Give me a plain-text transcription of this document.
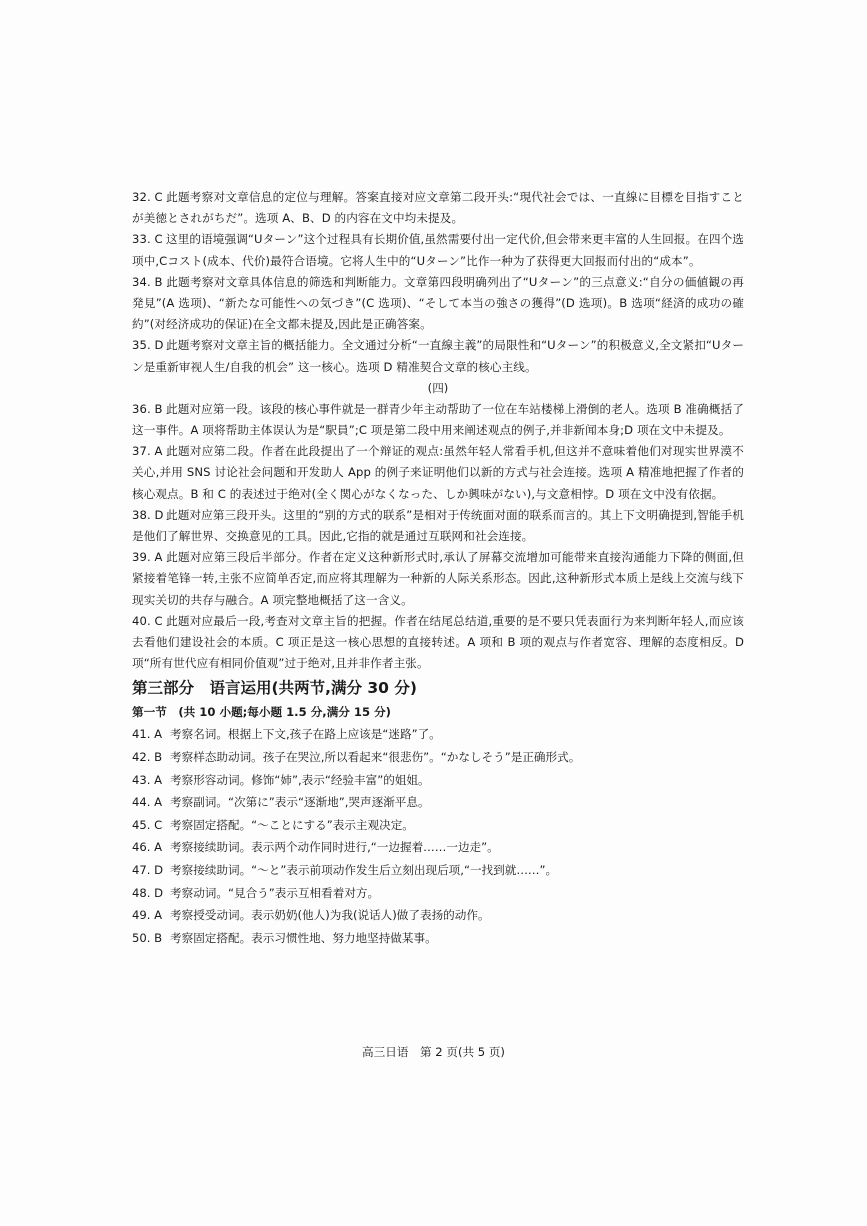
32. C 此题考察对文章信息的定位与理解。答案直接对应文章第二段开头:“現代社会では、一直線に目標を目指すことが美徳とされがちだ”。选项 A、B、D 的内容在文中均未提及。

33. C 这里的语境强调“Uターン”这个过程具有长期价值,虽然需要付出一定代价,但会带来更丰富的人生回报。在四个选项中,Cコスト(成本、代价)最符合语境。它将人生中的“Uターン”比作一种为了获得更大回报而付出的“成本”。

34. B 此题考察对文章具体信息的筛选和判断能力。文章第四段明确列出了“Uターン”的三点意义:“自分の価値観の再発見”(A 选项)、“新たな可能性への気づき”(C 选项)、“そして本当の強さの獲得”(D 选项)。B 选项“経済的成功の確約”(对经济成功的保证)在全文都未提及,因此是正确答案。

35. D 此题考察对文章主旨的概括能力。全文通过分析“一直線主義”的局限性和“Uターン”的积极意义,全文紧扣“Uターン是重新审视人生/自我的机会” 这一核心。选项 D 精准契合文章的核心主线。

(四)

36. B 此题对应第一段。该段的核心事件就是一群青少年主动帮助了一位在车站楼梯上滑倒的老人。选项 B 准确概括了这一事件。A 项将帮助主体误认为是“駅員”;C 项是第二段中用来阐述观点的例子,并非新闻本身;D 项在文中未提及。

37. A 此题对应第二段。作者在此段提出了一个辩证的观点:虽然年轻人常看手机,但这并不意味着他们对现实世界漠不关心,并用 SNS 讨论社会问题和开发助人 App 的例子来证明他们以新的方式与社会连接。选项 A 精准地把握了作者的核心观点。B 和 C 的表述过于绝对(全く関心がなくなった、しか興味がない),与文意相悖。D 项在文中没有依据。

38. D 此题对应第三段开头。这里的“别的方式的联系”是相对于传统面对面的联系而言的。其上下文明确提到,智能手机是他们了解世界、交换意见的工具。因此,它指的就是通过互联网和社会连接。

39. A 此题对应第三段后半部分。作者在定义这种新形式时,承认了屏幕交流增加可能带来直接沟通能力下降的侧面,但紧接着笔锋一转,主张不应简单否定,而应将其理解为一种新的人际关系形态。因此,这种新形式本质上是线上交流与线下现实关切的共存与融合。A 项完整地概括了这一含义。

40. C 此题对应最后一段,考查对文章主旨的把握。作者在结尾总结道,重要的是不要只凭表面行为来判断年轻人,而应该去看他们建设社会的本质。C 项正是这一核心思想的直接转述。A 项和 B 项的观点与作者宽容、理解的态度相反。D 项“所有世代应有相同价值观”过于绝对,且并非作者主张。

第三部分　语言运用(共两节,满分 30 分)

第一节　(共 10 小题;每小题 1.5 分,满分 15 分)

41. A 考察名词。根据上下文,孩子在路上应该是“迷路”了。

42. B 考察样态助动词。孩子在哭泣,所以看起来“很悲伤”。“かなしそう”是正确形式。

43. A 考察形容动词。修饰“姉”,表示“经验丰富”的姐姐。

44. A 考察副词。“次第に”表示“逐渐地”,哭声逐渐平息。

45. C 考察固定搭配。“～ことにする”表示主观决定。

46. A 考察接续助词。表示两个动作同时进行,“一边握着……一边走”。

47. D 考察接续助词。“～と”表示前项动作发生后立刻出现后项,“一找到就……”。

48. D 考察动词。“見合う”表示互相看着对方。

49. A 考察授受动词。表示奶奶(他人)为我(说话人)做了表扬的动作。

50. B 考察固定搭配。表示习惯性地、努力地坚持做某事。

高三日语　第 2 页(共 5 页)
